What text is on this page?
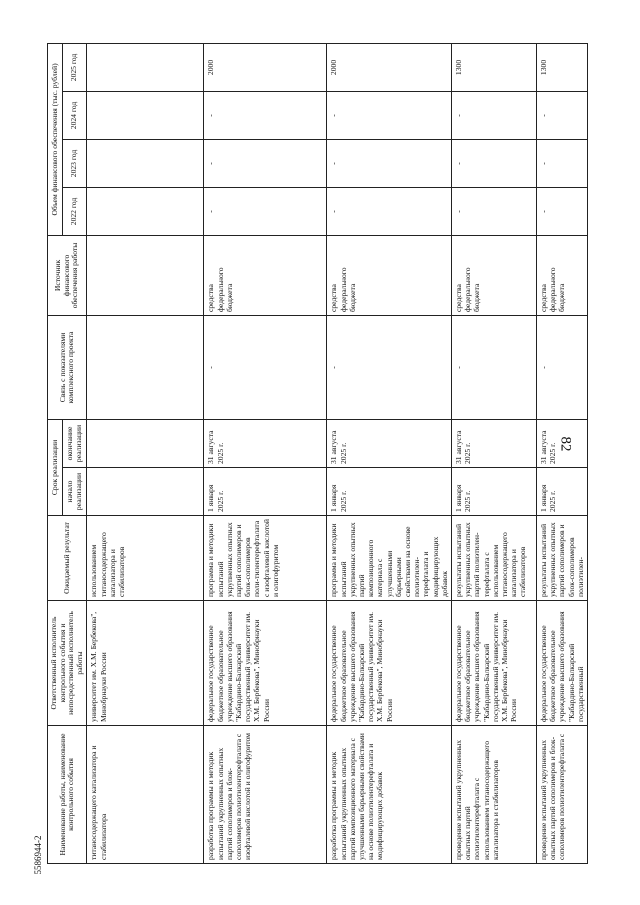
82
5586944-2 Наименование работы, наименование контрольного события	Ответственный исполнитель контрольного события и непосредственный исполнитель работы	Ожидаемый результат	Срок реализации		Связь с показателями комплексного проекта	Источник финансового обеспечения работы	Объем финансового обеспечения (тыс. рублей)			
			начало реализации	окончание реализации			2022 год	2023 год	2024 год	2025 год
титаносодержащего катализатора и стабилизатора	университет им. Х.М. Бербекова", Минобрнауки России	использованием титаносодержащего катализатора и стабилизаторов								
разработка программы и методик испытаний укрупненных опытных партий сополимеров и блок-сополимеров полиэтилентерефталата с изофталевой кислотой и олигофуритом	федеральное государственное бюджетное образовательное учреждение высшего образования "Кабардино-Балкарский государственный университет им. Х.М. Бербекова", Минобрнауки России	программа и методики испытаний укрупненных опытных партий сополимеров и блок-сополимеров поли-тилентерефталата с изофталевой кислотой и олигофуритом	1 января 2025 г.	31 августа 2025 г.	-	средства федерального бюджета	-	-	-	2000
разработка программы и методик испытаний укрупненных опытных партий композиционного материала с улучшенными барьерными свойствами на основе полиэтилентерефталата и модифицирующих добавок	федеральное государственное бюджетное образовательное учреждение высшего образования "Кабардино-Балкарский государственный университет им. Х.М. Бербекова", Минобрнауки России	программа и методики испытаний укрупненных опытных партий композиционного материала с улучшенными барьерными свойствами на основе полиэтилен-терефталата и модифицирующих добавок	1 января 2025 г.	31 августа 2025 г.	-	средства федерального бюджета	-	-	-	2000
проведение испытаний укрупненных опытных партий полиэтилентерефталата с использованием титаносодержащего катализатора и стабилизаторов	федеральное государственное бюджетное образовательное учреждение высшего образования "Кабардино-Балкарский государственный университет им. Х.М. Бербекова", Минобрнауки России	результаты испытаний укрупненных опытных партий полиэтилен-терефталата с использованием титаносодержащего катализатора и стабилизаторов	1 января 2025 г.	31 августа 2025 г.	-	средства федерального бюджета	-	-	-	1300
проведение испытаний укрупненных опытных партий сополимеров и блок-сополимеров полиэтилентерефталата с	федеральное государственное бюджетное образовательное учреждение высшего образования "Кабардино-Балкарский государственный	результаты испытаний укрупненных опытных партий сополимеров и блок-сополимеров полиэтилен-	1 января 2025 г.	31 августа 2025 г.	-	средства федерального бюджета	-	-	-	1300
